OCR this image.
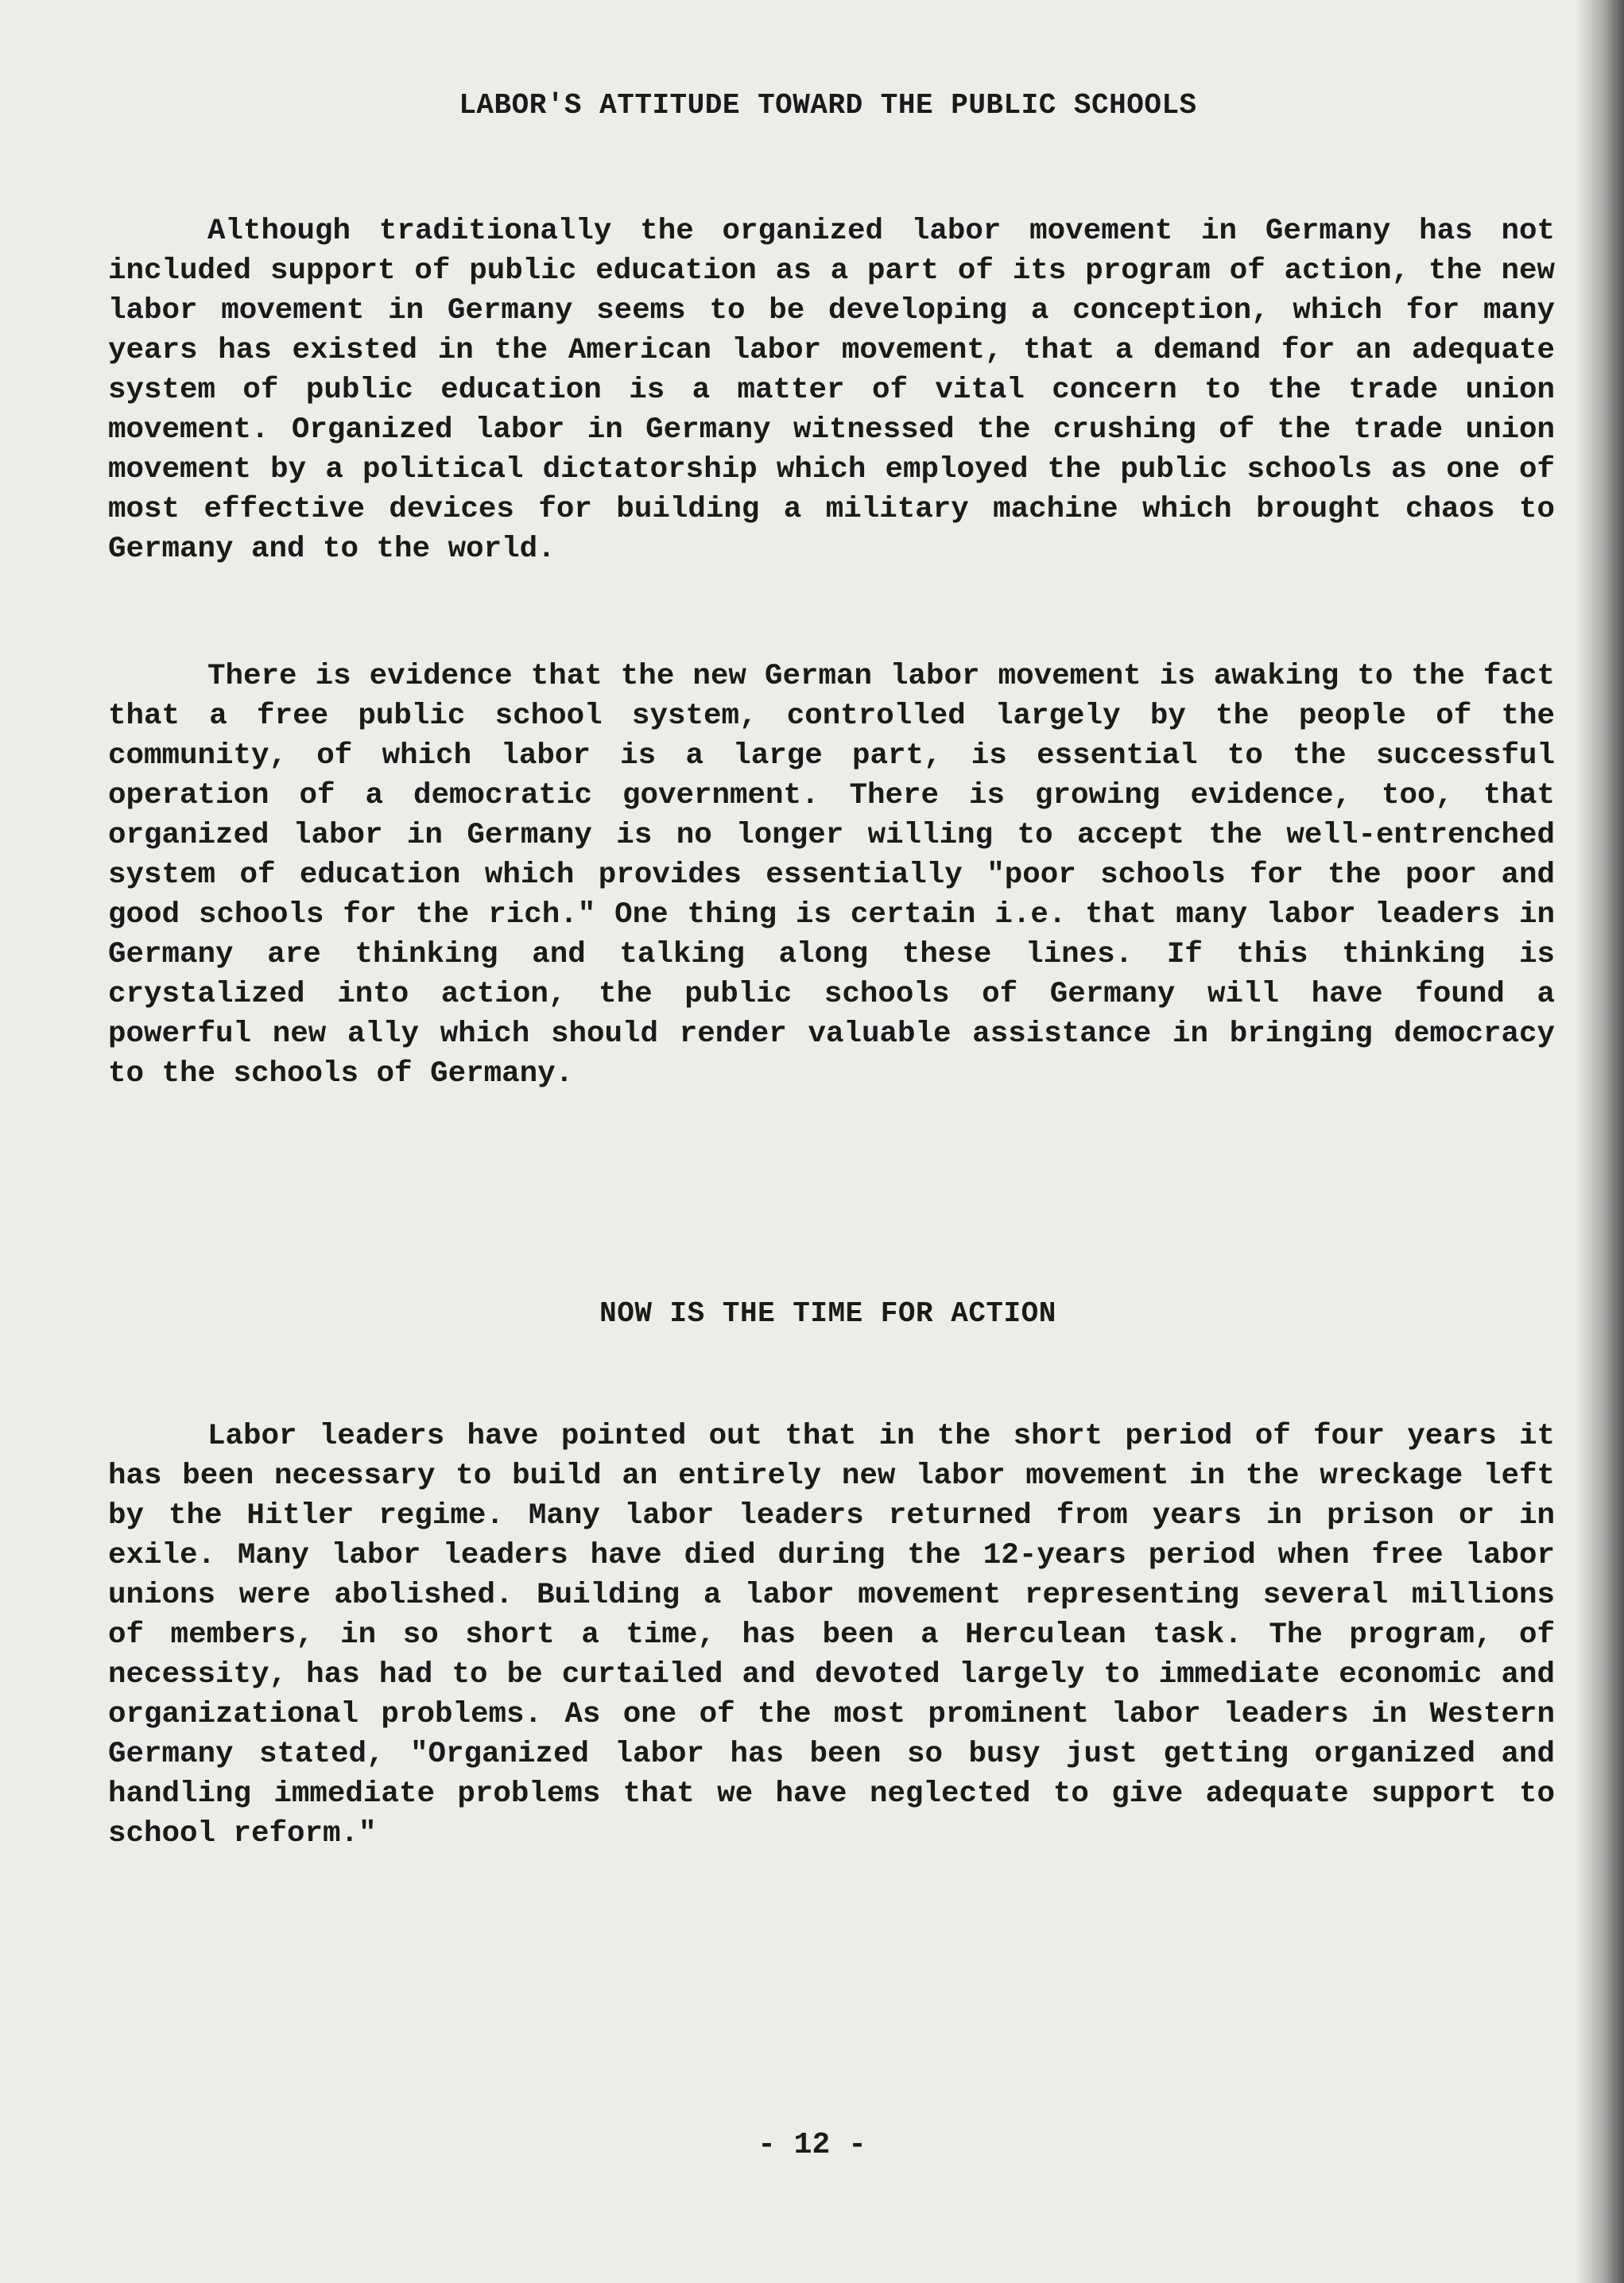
LABOR'S ATTITUDE TOWARD THE PUBLIC SCHOOLS

Although traditionally the organized labor movement in Germany has not included support of public education as a part of its program of action, the new labor movement in Germany seems to be developing a conception, which for many years has existed in the American labor movement, that a demand for an adequate system of public education is a matter of vital concern to the trade union movement. Organized labor in Germany witnessed the crushing of the trade union movement by a political dictatorship which employed the public schools as one of most effective devices for building a military machine which brought chaos to Germany and to the world.

There is evidence that the new German labor movement is awaking to the fact that a free public school system, controlled largely by the people of the community, of which labor is a large part, is essential to the successful operation of a democratic government. There is growing evidence, too, that organized labor in Germany is no longer willing to accept the well-entrenched system of education which provides essentially "poor schools for the poor and good schools for the rich." One thing is certain i.e. that many labor leaders in Germany are thinking and talking along these lines. If this thinking is crystalized into action, the public schools of Germany will have found a powerful new ally which should render valuable assistance in bringing democracy to the schools of Germany.

NOW IS THE TIME FOR ACTION

Labor leaders have pointed out that in the short period of four years it has been necessary to build an entirely new labor movement in the wreckage left by the Hitler regime. Many labor leaders returned from years in prison or in exile. Many labor leaders have died during the 12-years period when free labor unions were abolished. Building a labor movement representing several millions of members, in so short a time, has been a Herculean task. The program, of necessity, has had to be curtailed and devoted largely to immediate economic and organizational problems. As one of the most prominent labor leaders in Western Germany stated, "Organized labor has been so busy just getting organized and handling immediate problems that we have neglected to give adequate support to school reform."

- 12 -
